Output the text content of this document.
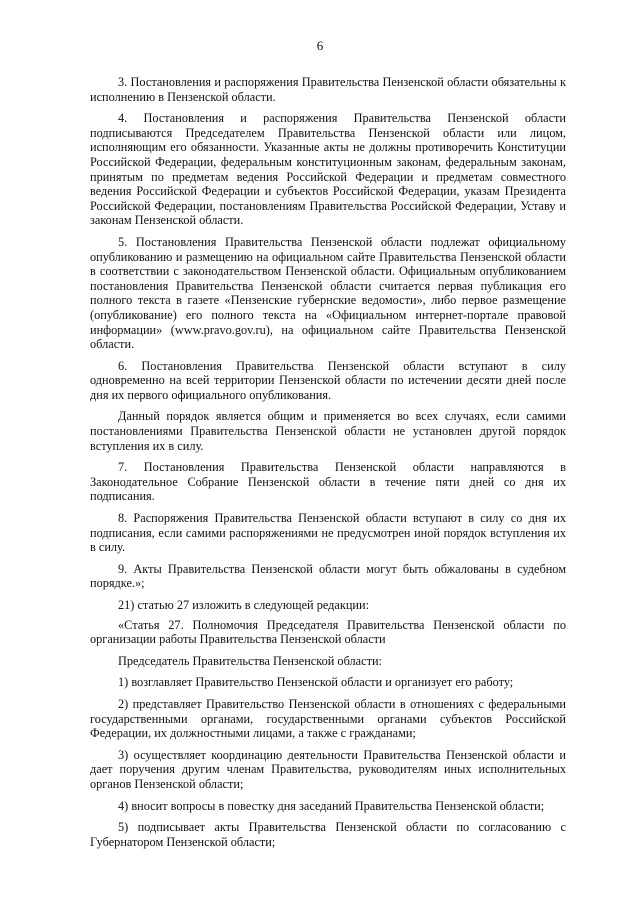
6

3. Постановления и распоряжения Правительства Пензенской области обязательны к исполнению в Пензенской области.

4. Постановления и распоряжения Правительства Пензенской области подписываются Председателем Правительства Пензенской области или лицом, исполняющим его обязанности. Указанные акты не должны противоречить Конституции Российской Федерации, федеральным конституционным законам, федеральным законам, принятым по предметам ведения Российской Федерации и предметам совместного ведения Российской Федерации и субъектов Российской Федерации, указам Президента Российской Федерации, постановлениям Правительства Российской Федерации, Уставу и законам Пензенской области.

5. Постановления Правительства Пензенской области подлежат официальному опубликованию и размещению на официальном сайте Правительства Пензенской области в соответствии с законодательством Пензенской области. Официальным опубликованием постановления Правительства Пензенской области считается первая публикация его полного текста в газете «Пензенские губернские ведомости», либо первое размещение (опубликование) его полного текста на «Официальном интернет-портале правовой информации» (www.pravo.gov.ru), на официальном сайте Правительства Пензенской области.

6. Постановления Правительства Пензенской области вступают в силу одновременно на всей территории Пензенской области по истечении десяти дней после дня их первого официального опубликования.

Данный порядок является общим и применяется во всех случаях, если самими постановлениями Правительства Пензенской области не установлен другой порядок вступления их в силу.

7. Постановления Правительства Пензенской области направляются в Законодательное Собрание Пензенской области в течение пяти дней со дня их подписания.

8. Распоряжения Правительства Пензенской области вступают в силу со дня их подписания, если самими распоряжениями не предусмотрен иной порядок вступления их в силу.

9. Акты Правительства Пензенской области могут быть обжалованы в судебном порядке.»;

21) статью 27 изложить в следующей редакции:

«Статья 27. Полномочия Председателя Правительства Пензенской области по организации работы Правительства Пензенской области

Председатель Правительства Пензенской области:

1) возглавляет Правительство Пензенской области и организует его работу;

2) представляет Правительство Пензенской области в отношениях с федеральными государственными органами, государственными органами субъектов Российской Федерации, их должностными лицами, а также с гражданами;

3) осуществляет координацию деятельности Правительства Пензенской области и дает поручения другим членам Правительства, руководителям иных исполнительных органов Пензенской области;

4) вносит вопросы в повестку дня заседаний Правительства Пензенской области;

5) подписывает акты Правительства Пензенской области по согласованию с Губернатором Пензенской области;
